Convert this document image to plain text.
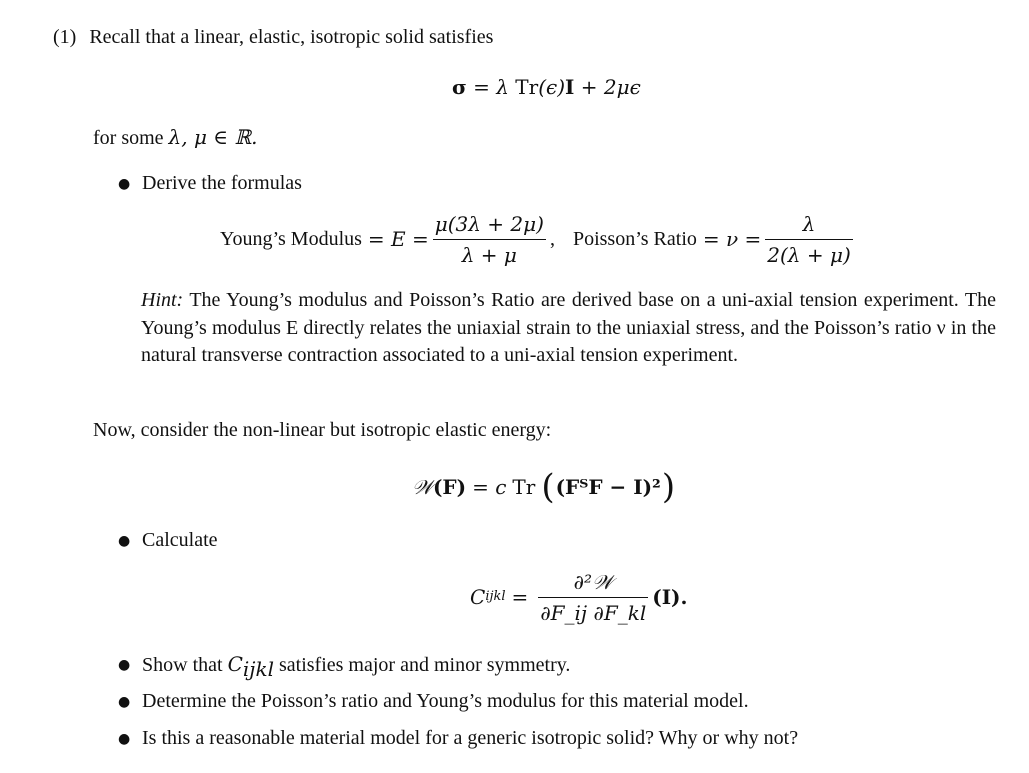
(1) Recall that a linear, elastic, isotropic solid satisfies
σ = λ Tr(ϵ)I + 2μϵ
for some λ, μ ∈ ℝ.
● Derive the formulas
Young’s Modulus = $E = \frac{\mu(3\lambda + 2\mu)}{\lambda + \mu}$ , Poisson’s Ratio = $\nu = \frac{\lambda}{2(\lambda + \mu)}$

Hint: The Young’s modulus and Poisson’s Ratio are derived base on a uni-axial tension experiment. The Young’s modulus E directly relates the uniaxial strain to the uniaxial stress, and the Poisson’s ratio ν in the natural transverse contraction associated to a uni-axial tension experiment.

Now, consider the non-linear but isotropic elastic energy:
𝒲 (F) = c Tr ( (FᵀF − I)² )
● Calculate
C ijkl = $\frac{\text{∂²𝒲}}{\partial F\_ij \partial F\_kl} (I)$.
● Show that $C_{ijkl}$ satisfies major and minor symmetry.
● Determine the Poisson’s ratio and Young’s modulus for this material model.
● Is this a reasonable material model for a generic isotropic solid? Why or why not?
